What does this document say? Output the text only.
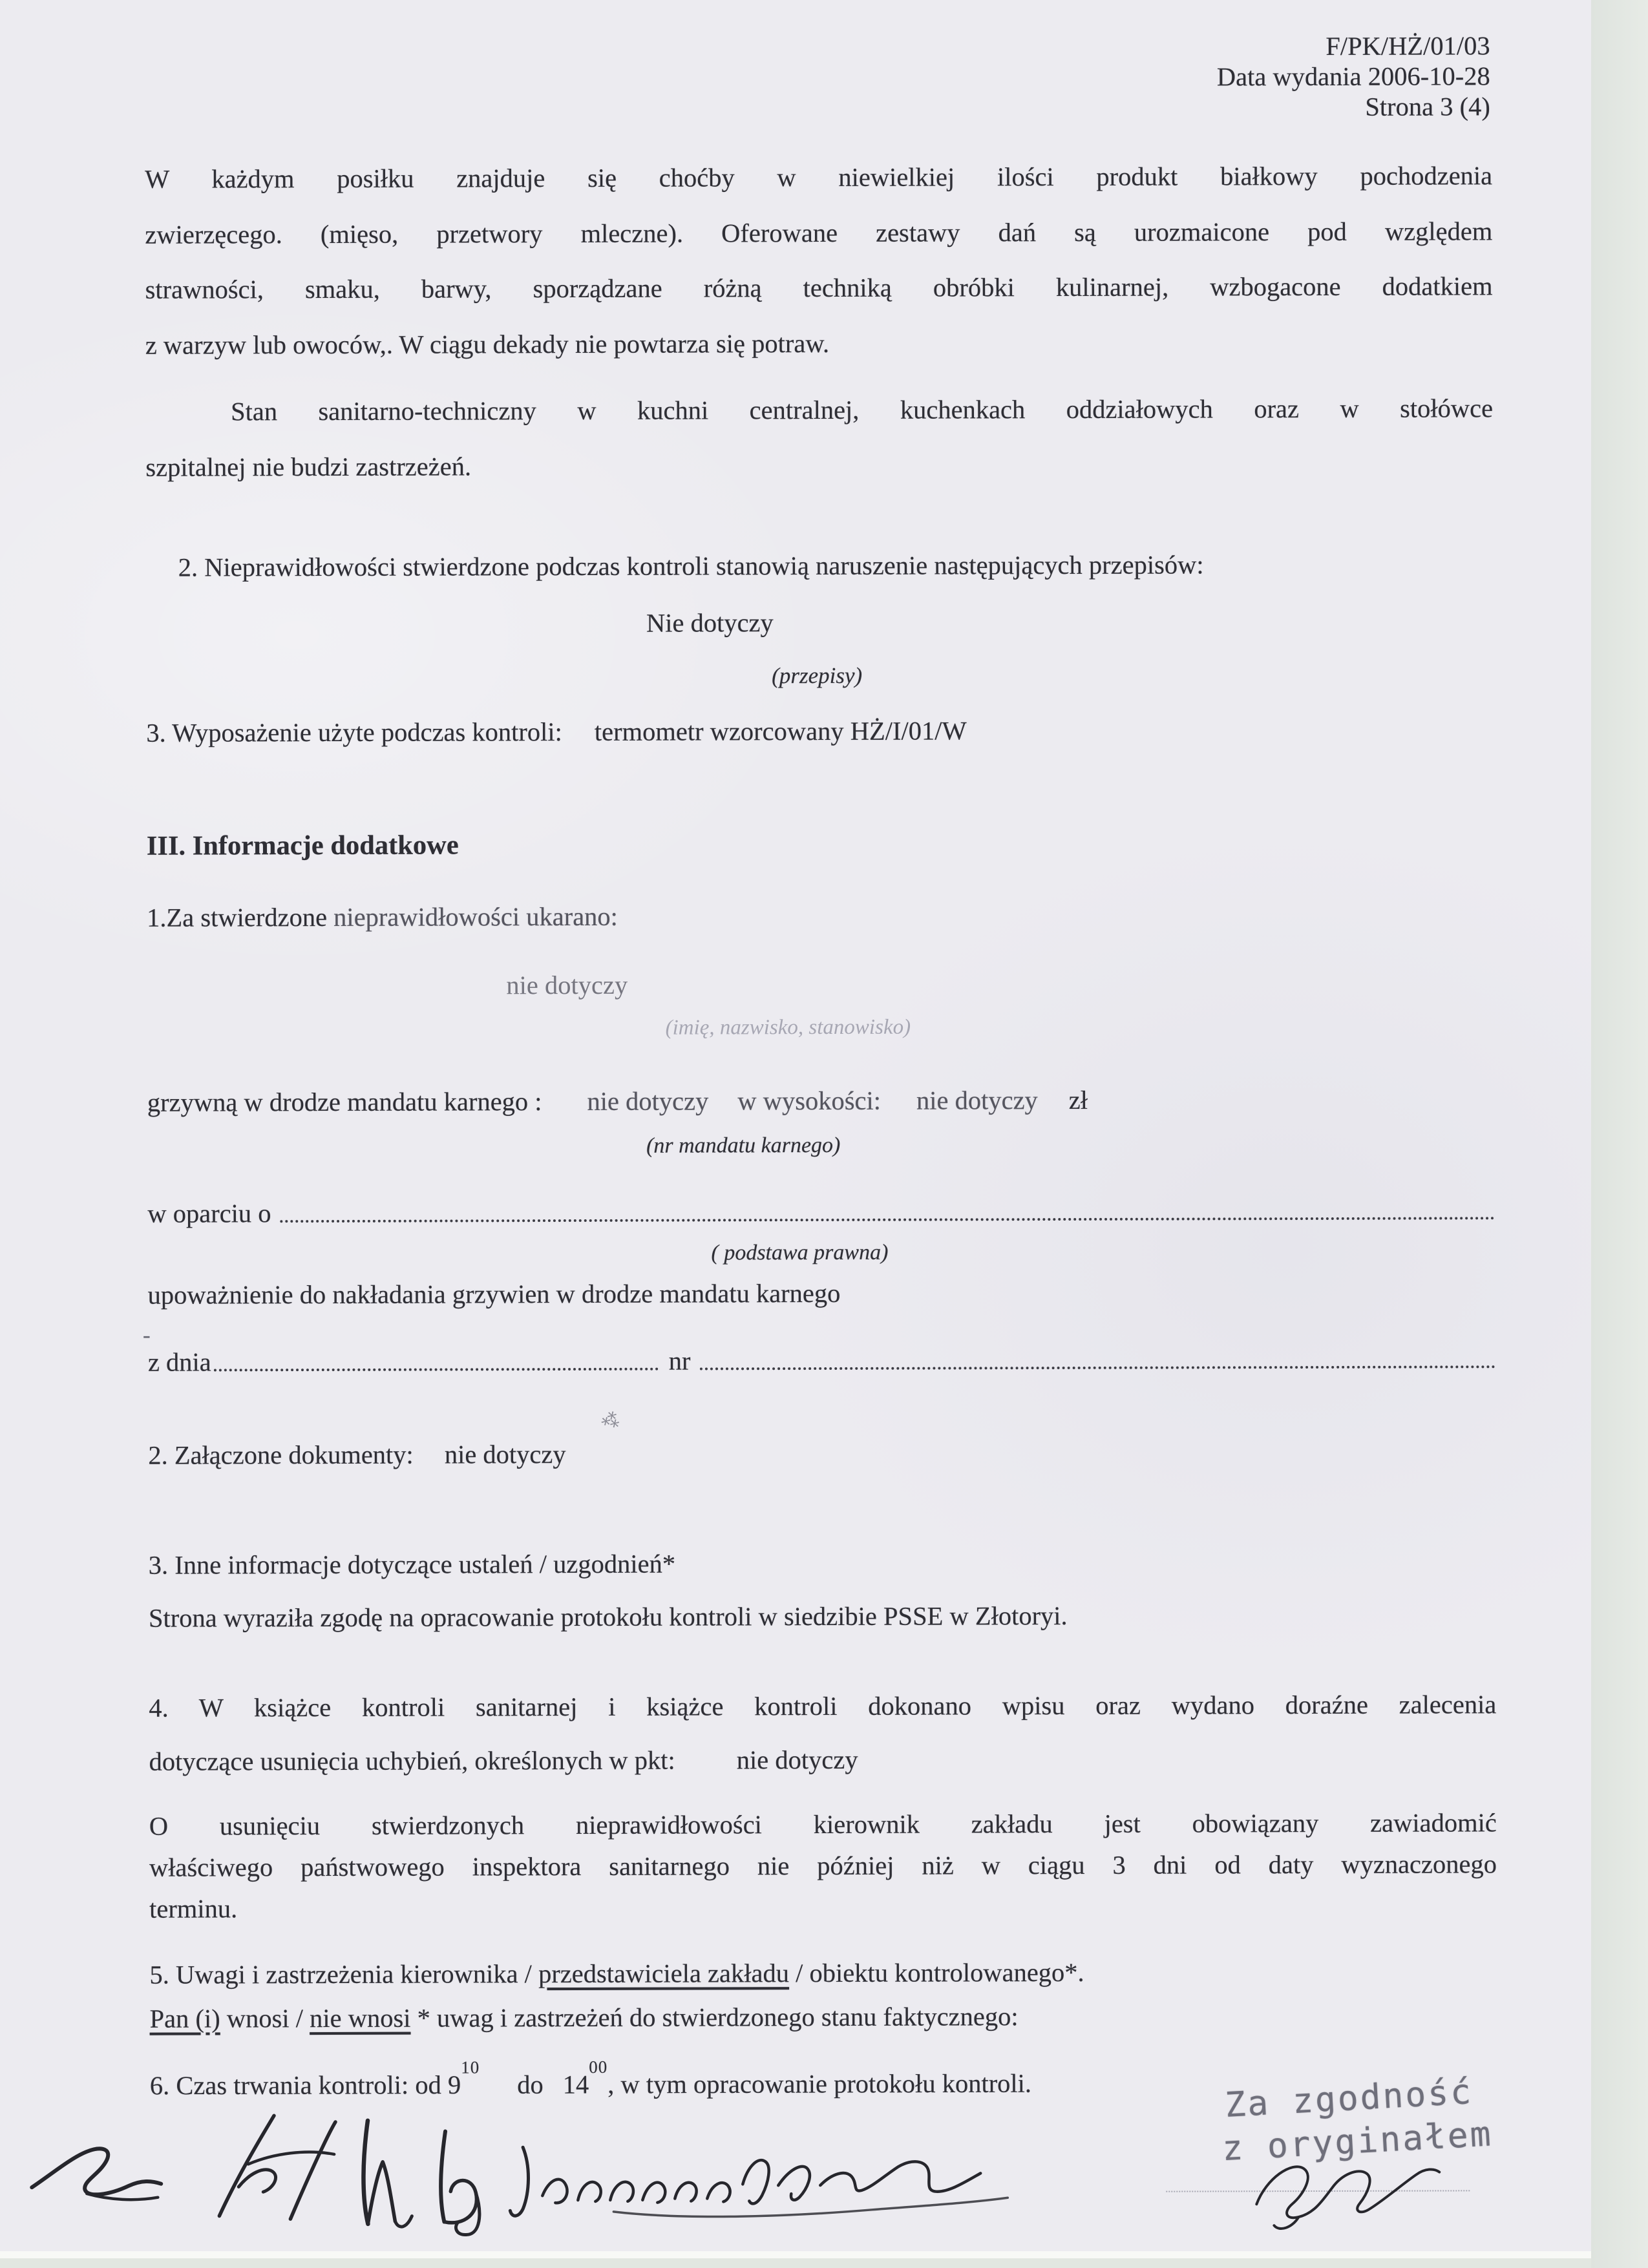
F/PK/HŻ/01/03
Data wydania 2006-10-28
Strona 3 (4)
W każdym posiłku znajduje się choćby w niewielkiej ilości produkt białkowy pochodzenia
zwierzęcego. (mięso, przetwory mleczne). Oferowane zestawy dań są urozmaicone pod względem
strawności, smaku, barwy, sporządzane różną techniką obróbki kulinarnej, wzbogacone dodatkiem
z warzyw lub owoców,. W ciągu dekady nie powtarza się potraw.
Stan sanitarno-techniczny w kuchni centralnej, kuchenkach oddziałowych oraz w stołówce
szpitalnej nie budzi zastrzeżeń.
2. Nieprawidłowości stwierdzone podczas kontroli stanowią naruszenie następujących przepisów:
Nie dotyczy
(przepisy)
3. Wyposażenie użyte podczas kontroli: termometr wzorcowany HŻ/I/01/W
III. Informacje dodatkowe
1.Za stwierdzone nieprawidłowości ukarano:
nie dotyczy
(imię, nazwisko, stanowisko)
grzywną w drodze mandatu karnego : nie dotyczy w wysokości: nie dotyczy zł
(nr mandatu karnego)
w oparciu o
( podstawa prawna)
upoważnienie do nakładania grzywien w drodze mandatu karnego
-
z dnia	nr
⁂
2. Załączone dokumenty: nie dotyczy
3. Inne informacje dotyczące ustaleń / uzgodnień*
Strona wyraziła zgodę na opracowanie protokołu kontroli w siedzibie PSSE w Złotoryi.
4. W książce kontroli sanitarnej i książce kontroli dokonano wpisu oraz wydano doraźne zalecenia
dotyczące usunięcia uchybień, określonych w pkt: nie dotyczy
O usunięciu stwierdzonych nieprawidłowości kierownik zakładu jest obowiązany zawiadomić
właściwego państwowego inspektora sanitarnego nie później niż w ciągu 3 dni od daty wyznaczonego
terminu.
5. Uwagi i zastrzeżenia kierownika / przedstawiciela zakładu / obiektu kontrolowanego*.
Pan (i) wnosi / nie wnosi * uwag i zastrzeżeń do stwierdzonego stanu faktycznego:
6. Czas trwania kontroli: od $9^{10}do$ $14^{00}$, w tym opracowanie protokołu kontroli.	Za zgodność
z oryginałem
